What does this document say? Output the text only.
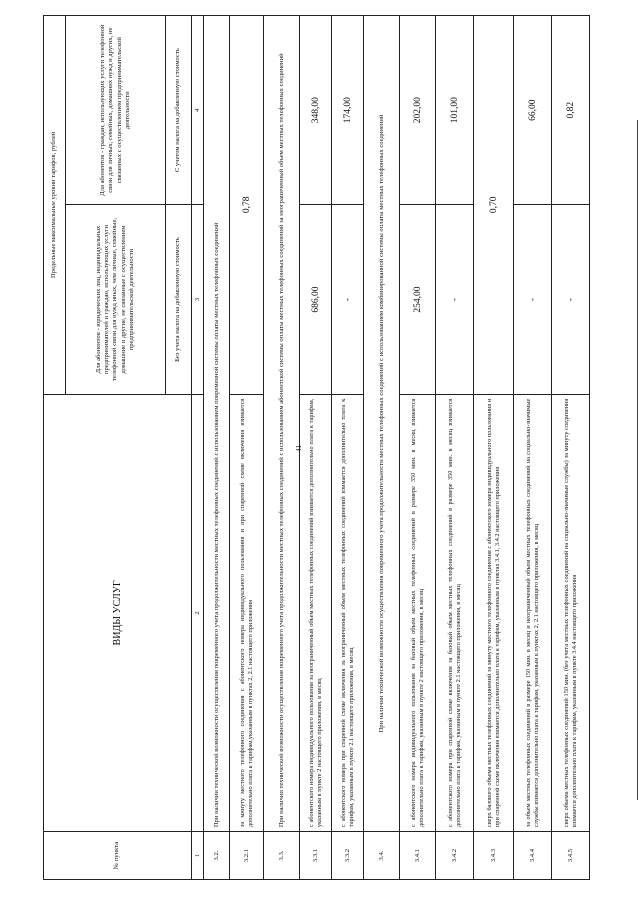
41
№ пункта	ВИДЫ УСЛУГ	Предельные максимальные уровни тарифов, рублей	
		Для абонентов - юридических лиц, индивидуальных предпринимателей и граждан, использующих услуги телефонной связи для нужд иных, чем личные, семейные, домашние и другие, не связанные с осуществлением предпринимательской деятельности	Для абонентов - граждан, использующих услуги телефонной связи для личных, семейных, домашних нужд и других, не связанных с осуществлением предпринимательской деятельности
		Без учета налога на добавленную стоимость	С учетом налога на добавленную стоимость
1	2	3	4
3.2.	При наличии технической возможности осуществления повременного учета продолжительности местных телефонных соединений с использованием повременной системы оплаты местных телефонных соединений		
3.2.1	за минуту местного телефонного соединения с абонентского номера индивидуального пользования и при спаренной схеме включения взимается дополнительно плата к тарифам,указанным в пунктах 2, 2.1 настоящего приложения	0,78	
3.3.	При наличии технической возможности осуществления повременного учета продолжительности местных телефонных соединений с использованием абонентской системы оплаты местных телефонных соединений за неограниченный объем местных телефонных соединений		
3.3.1	с абонентского номера индивидуального пользования за неограниченный объем местных телефонных соединений взимается дополнительно плата к тарифам, указанным в пункте 2 настоящего приложения, в месяц	686,00	348,00
3.3.2	с абонентского номера при спаренной схеме включения за неограниченный объем местных телефонных соединений взимается дополнительно плата к тарифам, указанным в пункте 2.1 настоящего приложения, в месяц	-	174,00
3.4.	При наличии технической возможности осуществления повременного учета продолжительности местных телефонных соединений с использованием комбинированной системы оплаты местных телефонных соединений		
3.4.1	с абонентского номера индивидуального пользования за базовый объем местных телефонных соединений в размере 350 мин. в месяц взимается дополнительно плата к тарифам, указанным в пункте 2 настоящего приложения, в месяц	254,00	202,00
3.4.2	с абонентского номера при спаренной схеме включения за базовый объем местных телефонных соединений в размере 350 мин. в месяц взимается дополнительно плата к тарифам, указанным в пункте 2.1 настоящего приложения, в месяц	-	101,00
3.4.3	сверх базового объема местных телефонных соединений за минуту местного телефонного соединения с абонентского номера индивидуального пользования и при спаренной схеме включения взимается дополнительно плата к тарифам, указанным в пунктах 3.4.1, 3.4.2 настоящего приложения	0,70	
3.4.4	за объем местных телефонных соединений в размере 150 мин. в месяц и неограниченный объем местных телефонных соединений на социально-значимые службы взимается дополнительно плата к тарифам, указанным в пунктах 2, 2.1 настоящего приложения, в месяц	-	66,00
3.4.5	сверх объема местных телефонных соединений 150 мин. (без учета местных телефонных соединений на социально-значимые службы) за минуту соединения взимается дополнительно плата к тарифам, указанным в пункте 3.4.4 настоящего приложения	-	0,82
